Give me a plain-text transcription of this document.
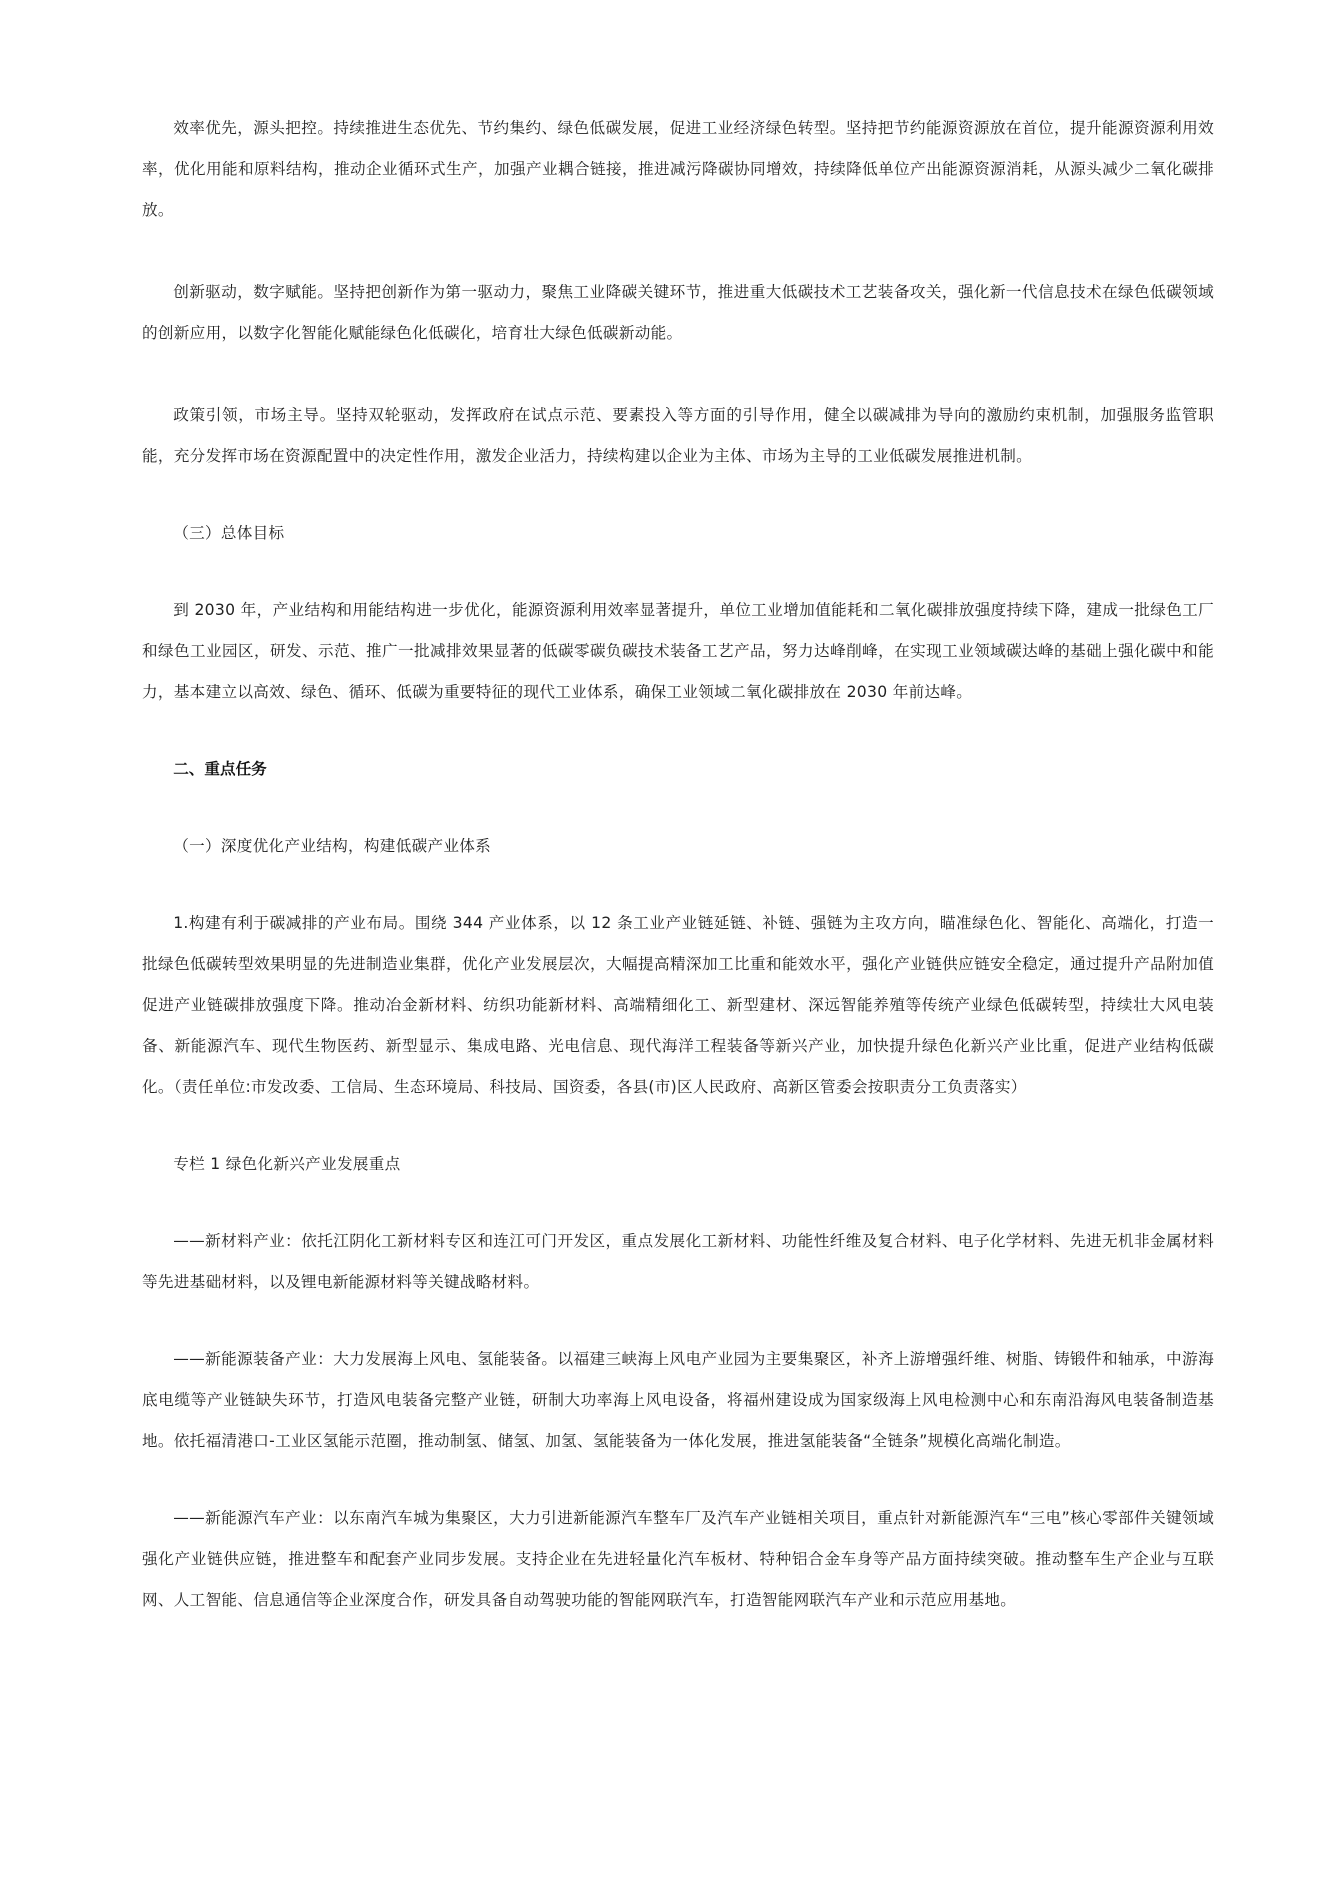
效率优先，源头把控。持续推进生态优先、节约集约、绿色低碳发展，促进工业经济绿色转型。坚持把节约能源资源放在首位，提升能源资源利用效率，优化用能和原料结构，推动企业循环式生产，加强产业耦合链接，推进减污降碳协同增效，持续降低单位产出能源资源消耗，从源头减少二氧化碳排放。

创新驱动，数字赋能。坚持把创新作为第一驱动力，聚焦工业降碳关键环节，推进重大低碳技术工艺装备攻关，强化新一代信息技术在绿色低碳领域的创新应用，以数字化智能化赋能绿色化低碳化，培育壮大绿色低碳新动能。

政策引领，市场主导。坚持双轮驱动，发挥政府在试点示范、要素投入等方面的引导作用，健全以碳减排为导向的激励约束机制，加强服务监管职能，充分发挥市场在资源配置中的决定性作用，激发企业活力，持续构建以企业为主体、市场为主导的工业低碳发展推进机制。

（三）总体目标

到 2030 年，产业结构和用能结构进一步优化，能源资源利用效率显著提升，单位工业增加值能耗和二氧化碳排放强度持续下降，建成一批绿色工厂和绿色工业园区，研发、示范、推广一批减排效果显著的低碳零碳负碳技术装备工艺产品，努力达峰削峰，在实现工业领域碳达峰的基础上强化碳中和能力，基本建立以高效、绿色、循环、低碳为重要特征的现代工业体系，确保工业领域二氧化碳排放在 2030 年前达峰。

二、重点任务

（一）深度优化产业结构，构建低碳产业体系

1.构建有利于碳减排的产业布局。围绕 344 产业体系，以 12 条工业产业链延链、补链、强链为主攻方向，瞄准绿色化、智能化、高端化，打造一批绿色低碳转型效果明显的先进制造业集群，优化产业发展层次，大幅提高精深加工比重和能效水平，强化产业链供应链安全稳定，通过提升产品附加值促进产业链碳排放强度下降。推动冶金新材料、纺织功能新材料、高端精细化工、新型建材、深远智能养殖等传统产业绿色低碳转型，持续壮大风电装备、新能源汽车、现代生物医药、新型显示、集成电路、光电信息、现代海洋工程装备等新兴产业，加快提升绿色化新兴产业比重，促进产业结构低碳化。（责任单位:市发改委、工信局、生态环境局、科技局、国资委，各县(市)区人民政府、高新区管委会按职责分工负责落实）

专栏 1 绿色化新兴产业发展重点

——新材料产业：依托江阴化工新材料专区和连江可门开发区，重点发展化工新材料、功能性纤维及复合材料、电子化学材料、先进无机非金属材料等先进基础材料，以及锂电新能源材料等关键战略材料。

——新能源装备产业：大力发展海上风电、氢能装备。以福建三峡海上风电产业园为主要集聚区，补齐上游增强纤维、树脂、铸锻件和轴承，中游海底电缆等产业链缺失环节，打造风电装备完整产业链，研制大功率海上风电设备，将福州建设成为国家级海上风电检测中心和东南沿海风电装备制造基地。依托福清港口-工业区氢能示范圈，推动制氢、储氢、加氢、氢能装备为一体化发展，推进氢能装备“全链条”规模化高端化制造。

——新能源汽车产业：以东南汽车城为集聚区，大力引进新能源汽车整车厂及汽车产业链相关项目，重点针对新能源汽车“三电”核心零部件关键领域强化产业链供应链，推进整车和配套产业同步发展。支持企业在先进轻量化汽车板材、特种铝合金车身等产品方面持续突破。推动整车生产企业与互联网、人工智能、信息通信等企业深度合作，研发具备自动驾驶功能的智能网联汽车，打造智能网联汽车产业和示范应用基地。
